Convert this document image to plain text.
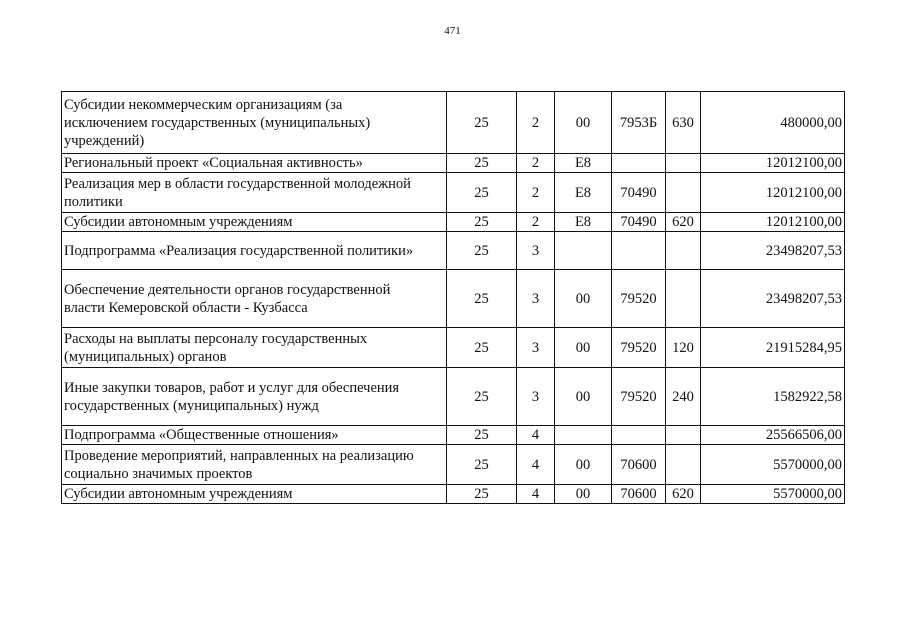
471
Субсидии некоммерческим организациям (за
исключением государственных (муниципальных)
учреждений)	25	2	00	7953Б	630	480000,00

Региональный проект «Социальная активность»	25	2	E8			12012100,00

Реализация мер в области государственной молодежной
политики	25	2	E8	70490		12012100,00

Субсидии автономным учреждениям	25	2	E8	70490	620	12012100,00

Подпрограмма «Реализация государственной политики»	25	3				23498207,53

Обеспечение деятельности органов государственной
власти Кемеровской области - Кузбасса	25	3	00	79520		23498207,53

Расходы на выплаты персоналу государственных
(муниципальных) органов	25	3	00	79520	120	21915284,95

Иные закупки товаров, работ и услуг для обеспечения
государственных (муниципальных) нужд	25	3	00	79520	240	1582922,58

Подпрограмма «Общественные отношения»	25	4				25566506,00

Проведение мероприятий, направленных на реализацию
социально значимых проектов	25	4	00	70600		5570000,00

Субсидии автономным учреждениям	25	4	00	70600	620	5570000,00
